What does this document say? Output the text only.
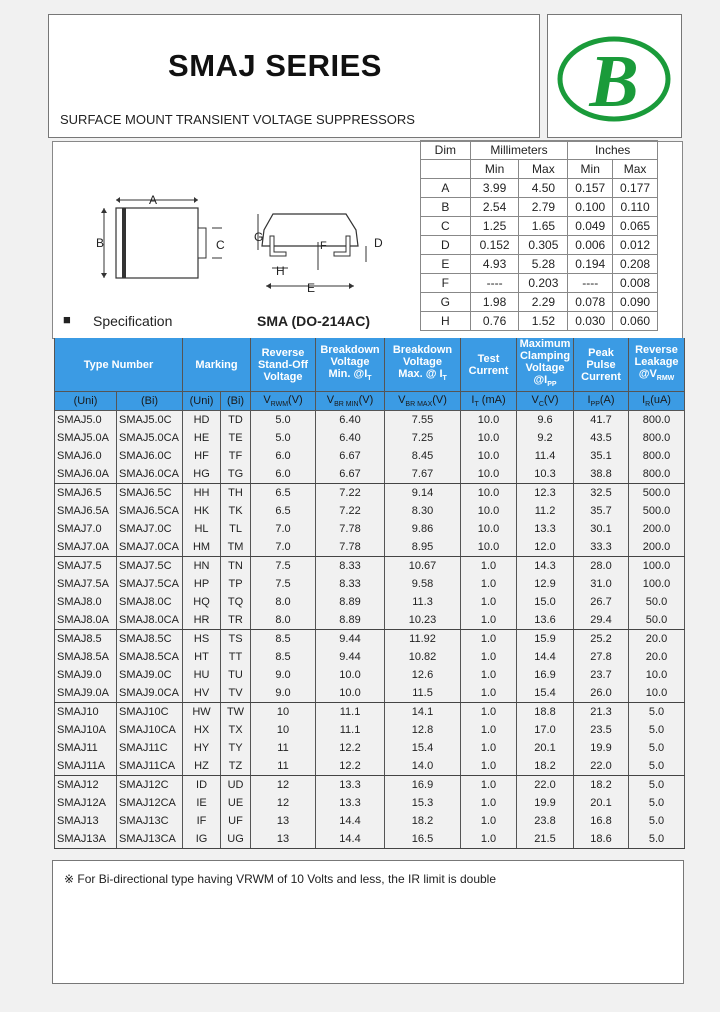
SMAJ SERIES
SURFACE MOUNT TRANSIENT VOLTAGE SUPPRESSORS B
A
B	C
G
F	D
H
E
Dim	Millimeters		Inches	
	Min	Max	Min	Max
A	3.99	4.50	0.157	0.177
B	2.54	2.79	0.100	0.110
C	1.25	1.65	0.049	0.065
D	0.152	0.305	0.006	0.012
E	4.93	5.28	0.194	0.208
F	----	0.203	----	0.008
G	1.98	2.29	0.078	0.090
H	0.76	1.52	0.030	0.060
■ Specification	SMA (DO-214AC)
Type Number		Marking		Reverse
Stand-Off
Voltage	Breakdown
Voltage
Min. $@I_T$	Breakdown
Voltage
Max. @ $I_T$	Test
Current	Maximum
Clamping
Voltage
$@I_{PP}$	Peak
Pulse
Current	Reverse
Leakage
$@V_{RMW}$
(Uni)	(Bi)	(Uni)	(Bi)	$V_{RWM}(V)$	$V_{BR MIN}(V)$	$V_{BR MAX}(V)$	$I_T$ (mA)	$V_C(V)$	$I_{PP}(A)$	$I_R(uA)$
SMAJ5.0	SMAJ5.0C	HD	TD	5.0	6.40	7.55	10.0	9.6	41.7	800.0
SMAJ5.0A	SMAJ5.0CA	HE	TE	5.0	6.40	7.25	10.0	9.2	43.5	800.0
SMAJ6.0	SMAJ6.0C	HF	TF	6.0	6.67	8.45	10.0	11.4	35.1	800.0
SMAJ6.0A	SMAJ6.0CA	HG	TG	6.0	6.67	7.67	10.0	10.3	38.8	800.0
SMAJ6.5	SMAJ6.5C	HH	TH	6.5	7.22	9.14	10.0	12.3	32.5	500.0
SMAJ6.5A	SMAJ6.5CA	HK	TK	6.5	7.22	8.30	10.0	11.2	35.7	500.0
SMAJ7.0	SMAJ7.0C	HL	TL	7.0	7.78	9.86	10.0	13.3	30.1	200.0
SMAJ7.0A	SMAJ7.0CA	HM	TM	7.0	7.78	8.95	10.0	12.0	33.3	200.0
SMAJ7.5	SMAJ7.5C	HN	TN	7.5	8.33	10.67	1.0	14.3	28.0	100.0
SMAJ7.5A	SMAJ7.5CA	HP	TP	7.5	8.33	9.58	1.0	12.9	31.0	100.0
SMAJ8.0	SMAJ8.0C	HQ	TQ	8.0	8.89	11.3	1.0	15.0	26.7	50.0
SMAJ8.0A	SMAJ8.0CA	HR	TR	8.0	8.89	10.23	1.0	13.6	29.4	50.0
SMAJ8.5	SMAJ8.5C	HS	TS	8.5	9.44	11.92	1.0	15.9	25.2	20.0
SMAJ8.5A	SMAJ8.5CA	HT	TT	8.5	9.44	10.82	1.0	14.4	27.8	20.0
SMAJ9.0	SMAJ9.0C	HU	TU	9.0	10.0	12.6	1.0	16.9	23.7	10.0
SMAJ9.0A	SMAJ9.0CA	HV	TV	9.0	10.0	11.5	1.0	15.4	26.0	10.0
SMAJ10	SMAJ10C	HW	TW	10	11.1	14.1	1.0	18.8	21.3	5.0
SMAJ10A	SMAJ10CA	HX	TX	10	11.1	12.8	1.0	17.0	23.5	5.0
SMAJ11	SMAJ11C	HY	TY	11	12.2	15.4	1.0	20.1	19.9	5.0
SMAJ11A	SMAJ11CA	HZ	TZ	11	12.2	14.0	1.0	18.2	22.0	5.0
SMAJ12	SMAJ12C	ID	UD	12	13.3	16.9	1.0	22.0	18.2	5.0
SMAJ12A	SMAJ12CA	IE	UE	12	13.3	15.3	1.0	19.9	20.1	5.0
SMAJ13	SMAJ13C	IF	UF	13	14.4	18.2	1.0	23.8	16.8	5.0
SMAJ13A	SMAJ13CA	IG	UG	13	14.4	16.5	1.0	21.5	18.6	5.0
※ For Bi-directional type having VRWM of 10 Volts and less, the IR limit is double
